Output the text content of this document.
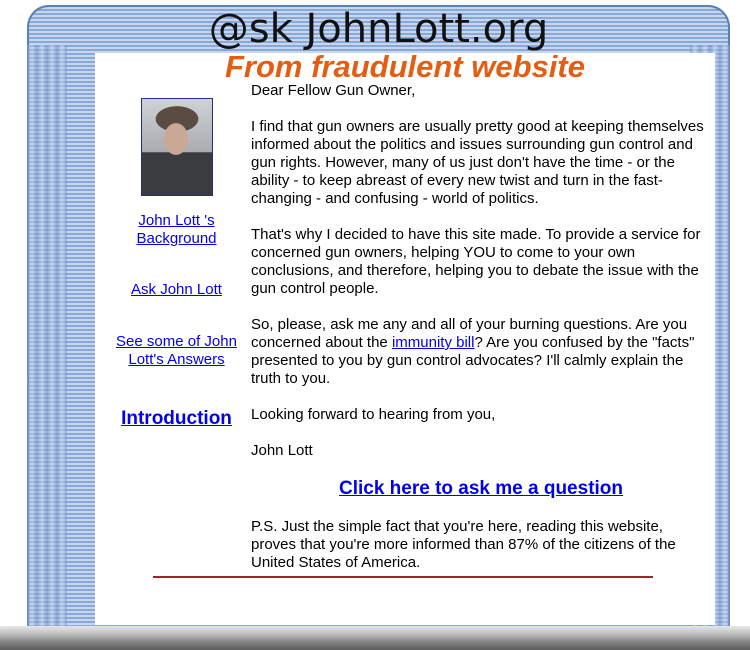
@sk JohnLott.org
From fraudulent website
John Lott 's Background
Ask John Lott
See some of John Lott's Answers
Introduction

Dear Fellow Gun Owner,

I find that gun owners are usually pretty good at keeping themselves informed about the politics and issues surrounding gun control and gun rights. However, many of us just don't have the time - or the ability - to keep abreast of every new twist and turn in the fast-changing - and confusing - world of politics.

That's why I decided to have this site made. To provide a service for concerned gun owners, helping YOU to come to your own conclusions, and therefore, helping you to debate the issue with the gun control people.

So, please, ask me any and all of your burning questions. Are you concerned about the immunity bill? Are you confused by the "facts" presented to you by gun control advocates? I'll calmly explain the truth to you.

Looking forward to hearing from you,

John Lott

Click here to ask me a question

P.S. Just the simple fact that you're here, reading this website, proves that you're more informed than 87% of the citizens of the United States of America.
